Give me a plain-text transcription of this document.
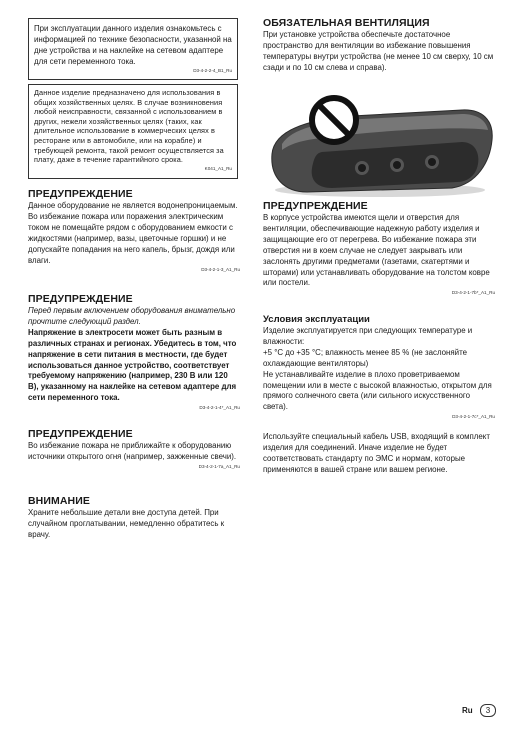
При эксплуатации данного изделия ознакомьтесь с информацией по технике безопасности, указанной на дне устройства и на наклейке на сетевом адаптере для сети переменного тока.

D3-4-2-2-4_B1_Ru

Данное изделие предназначено для использования в общих хозяйственных целях. В случае возникновения любой неисправности, связанной с использованием в других, нежели хозяйственных целях (таких, как длительное использование в коммерческих целях в ресторане или в автомобиле, или на корабле) и требующей ремонта, такой ремонт осуществляется за плату, даже в течение гарантийного срока.

K041_A1_Ru
ПРЕДУПРЕЖДЕНИЕ

Данное оборудование не является водонепроницаемым. Во избежание пожара или поражения электрическим током не помещайте рядом с оборудованием емкости с жидкостями (например, вазы, цветочные горшки) и не допускайте попадания на него капель, брызг, дождя или влаги.

D3-4-2-1-3_A1_Ru
ПРЕДУПРЕЖДЕНИЕ

Перед первым включением оборудования внимательно прочтите следующий раздел.

Напряжение в электросети может быть разным в различных странах и регионах. Убедитесь в том, что напряжение в сети питания в местности, где будет использоваться данное устройство, соответствует требуемому напряжению (например, 230 В или 120 В), указанному на наклейке на сетевом адаптере для сети переменного тока.

D3-4-2-1-4*_A1_Ru
ПРЕДУПРЕЖДЕНИЕ

Во избежание пожара не приближайте к оборудованию источники открытого огня (например, зажженные свечи).

D3-4-2-1-7a_A1_Ru
ВНИМАНИЕ

Храните небольшие детали вне доступа детей. При случайном проглатывании, немедленно обратитесь к врачу.

ОБЯЗАТЕЛЬНАЯ ВЕНТИЛЯЦИЯ

При установке устройства обеспечьте достаточное пространство для вентиляции во избежание повышения температуры внутри устройства (не менее 10 см сверху, 10 см сзади и по 10 см слева и справа).

ПРЕДУПРЕЖДЕНИЕ

В корпусе устройства имеются щели и отверстия для вентиляции, обеспечивающие надежную работу изделия и защищающие его от перегрева. Во избежание пожара эти отверстия ни в коем случае не следует закрывать или заслонять другими предметами (газетами, скатертями и шторами) или устанавливать оборудование на толстом ковре или постели.

D3-4-2-1-7b*_A1_Ru
Условия эксплуатации

Изделие эксплуатируется при следующих температуре и влажности:
+5 °C до +35 °C; влажность менее 85 % (не заслоняйте охлаждающие вентиляторы)
Не устанавливайте изделие в плохо проветриваемом помещении или в месте с высокой влажностью, открытом для прямого солнечного света (или сильного искусственного света).

D3-4-2-1-7c*_A1_Ru

Используйте специальный кабель USB, входящий в комплект изделия для соединений. Иначе изделие не будет соответствовать стандарту по ЭМС и нормам, которые применяются в вашей стране или вашем регионе.

Ru	3
